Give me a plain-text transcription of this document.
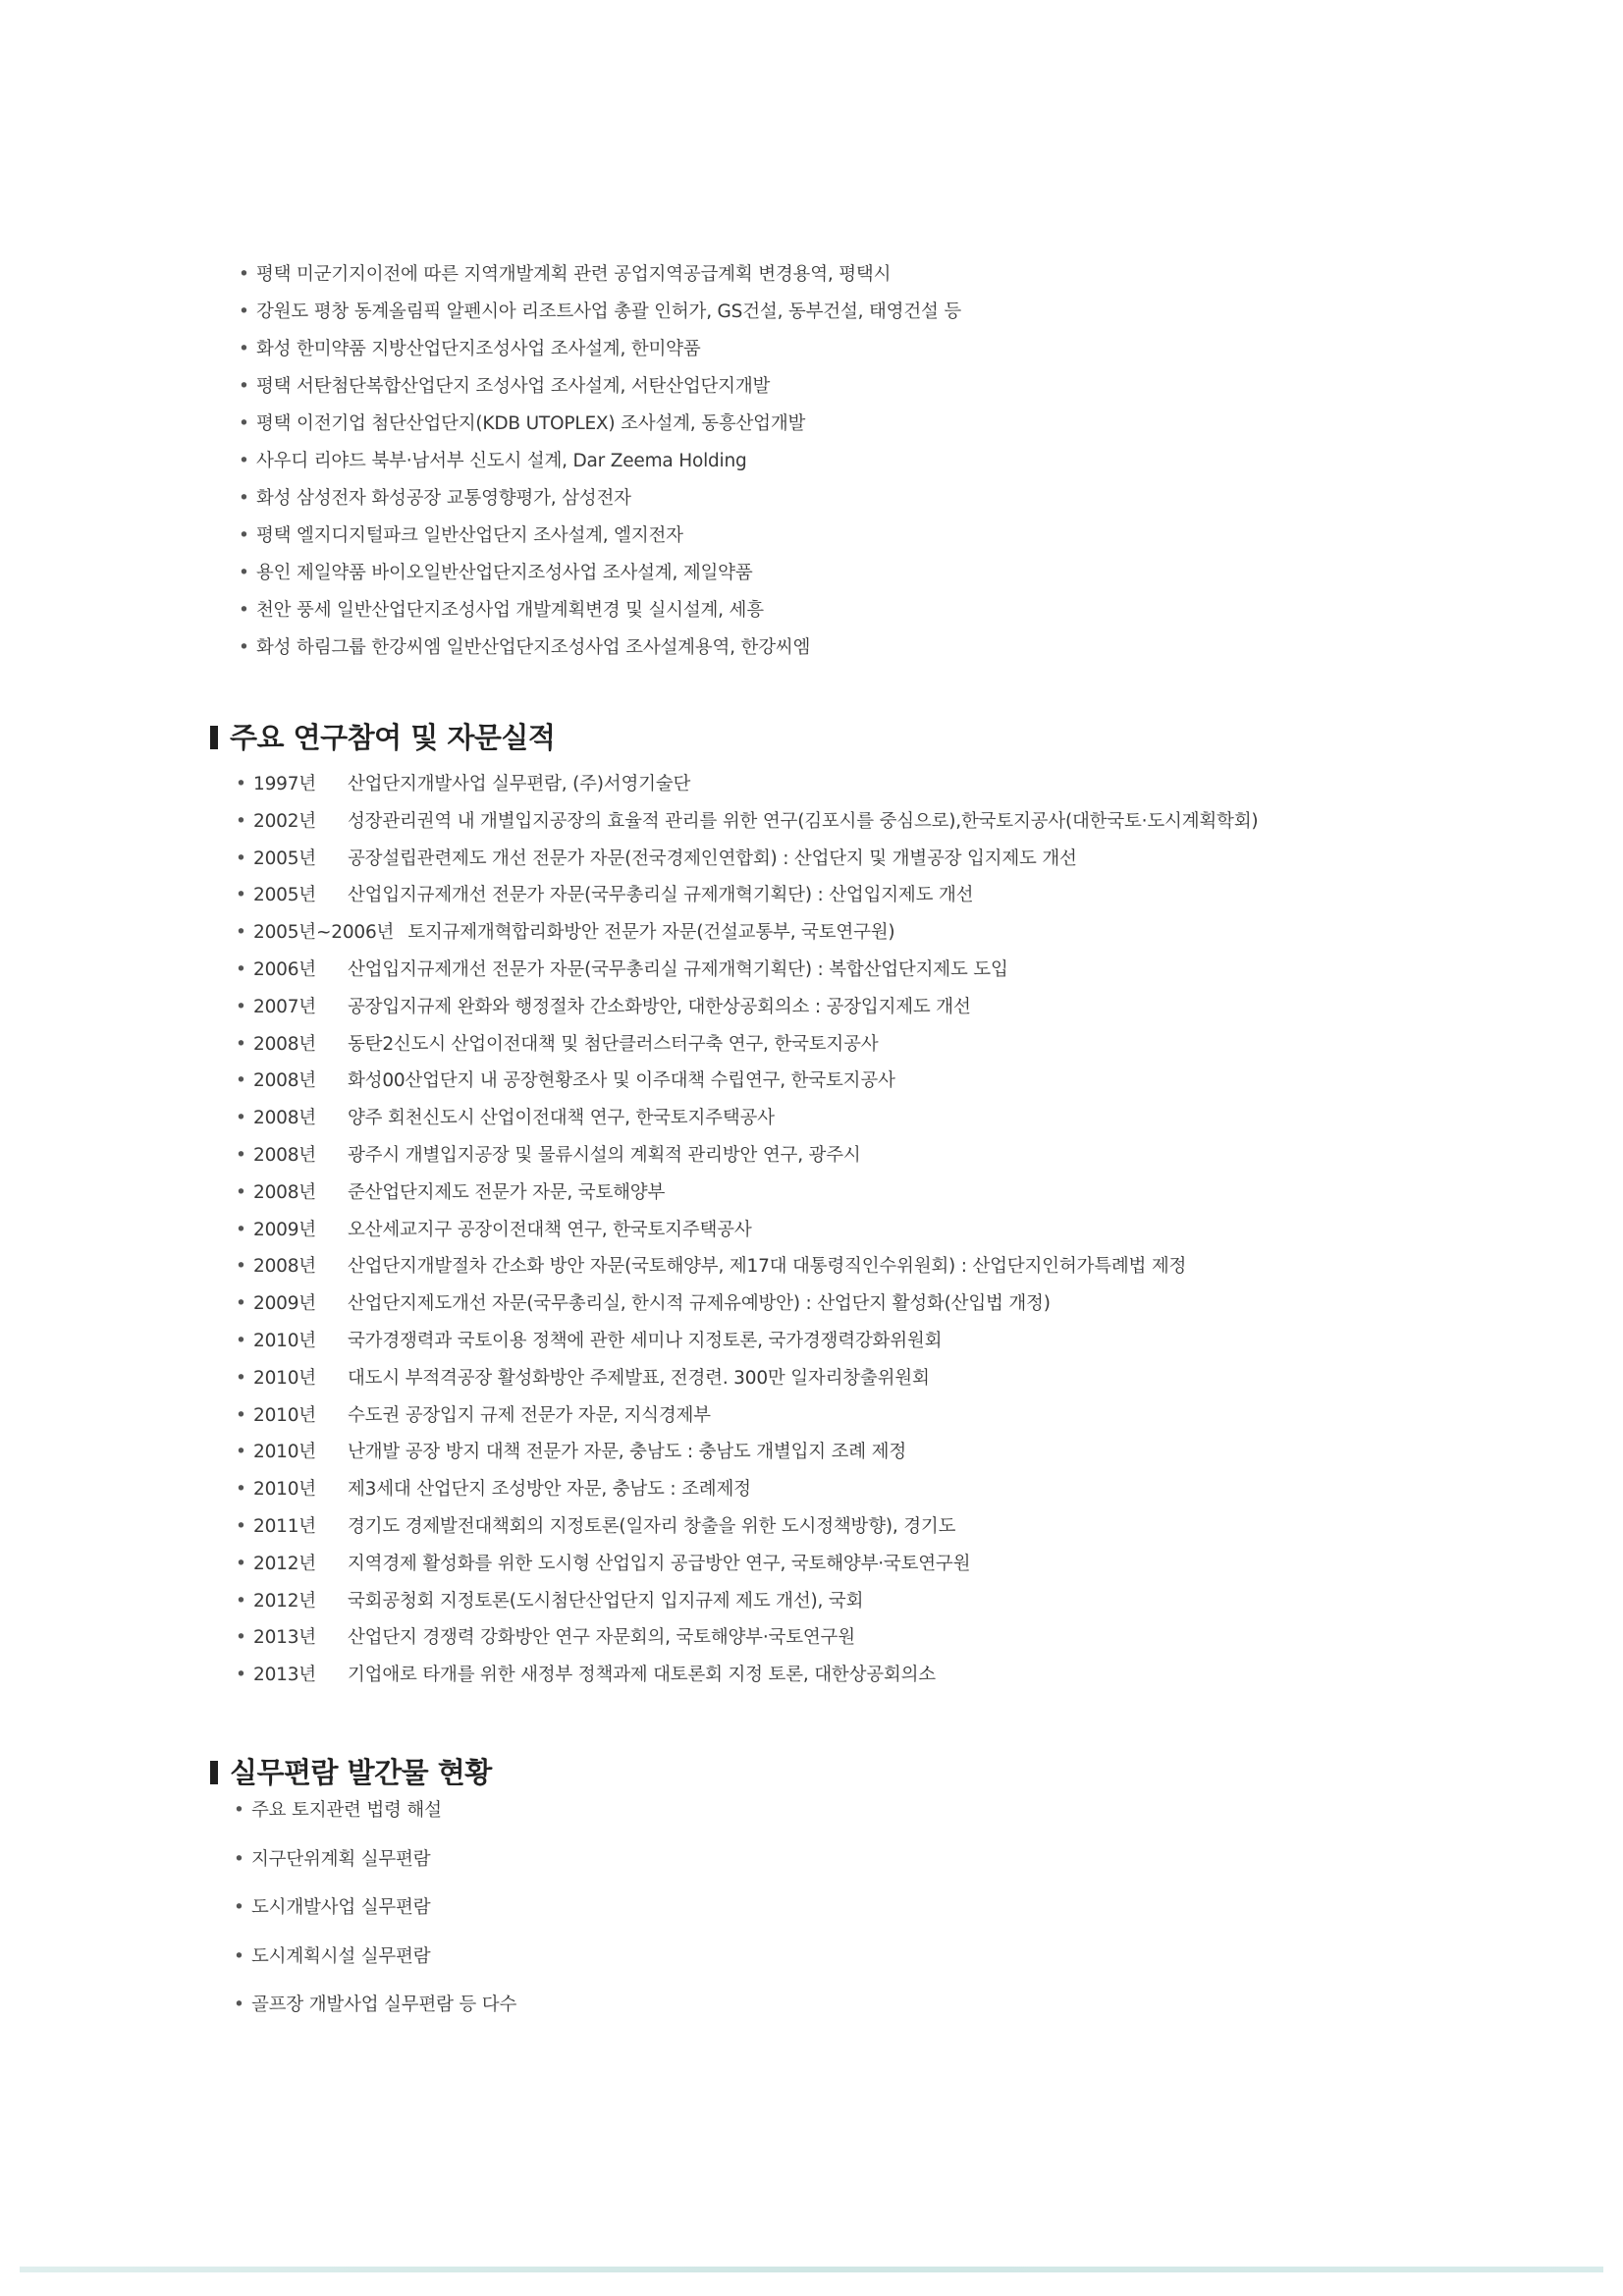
• 평택 미군기지이전에 따른 지역개발계획 관련 공업지역공급계획 변경용역, 평택시
• 강원도 평창 동계올림픽 알펜시아 리조트사업 총괄 인허가, GS건설, 동부건설, 태영건설 등
• 화성 한미약품 지방산업단지조성사업 조사설계, 한미약품
• 평택 서탄첨단복합산업단지 조성사업 조사설계, 서탄산업단지개발
• 평택 이전기업 첨단산업단지(KDB UTOPLEX) 조사설계, 동흥산업개발
• 사우디 리야드 북부·남서부 신도시 설계, Dar Zeema Holding
• 화성 삼성전자 화성공장 교통영향평가, 삼성전자
• 평택 엘지디지털파크 일반산업단지 조사설계, 엘지전자
• 용인 제일약품 바이오일반산업단지조성사업 조사설계, 제일약품
• 천안 풍세 일반산업단지조성사업 개발계획변경 및 실시설계, 세흥
• 화성 하림그룹 한강씨엠 일반산업단지조성사업 조사설계용역, 한강씨엠
주요 연구참여 및 자문실적
• 1997년 산업단지개발사업 실무편람, (주)서영기술단
• 2002년 성장관리권역 내 개별입지공장의 효율적 관리를 위한 연구(김포시를 중심으로),한국토지공사(대한국토·도시계획학회)
• 2005년 공장설립관련제도 개선 전문가 자문(전국경제인연합회) : 산업단지 및 개별공장 입지제도 개선
• 2005년 산업입지규제개선 전문가 자문(국무총리실 규제개혁기획단) : 산업입지제도 개선
• 2005년~2006년 토지규제개혁합리화방안 전문가 자문(건설교통부, 국토연구원)
• 2006년 산업입지규제개선 전문가 자문(국무총리실 규제개혁기획단) : 복합산업단지제도 도입
• 2007년 공장입지규제 완화와 행정절차 간소화방안, 대한상공회의소 : 공장입지제도 개선
• 2008년 동탄2신도시 산업이전대책 및 첨단클러스터구축 연구, 한국토지공사
• 2008년 화성00산업단지 내 공장현황조사 및 이주대책 수립연구, 한국토지공사
• 2008년 양주 회천신도시 산업이전대책 연구, 한국토지주택공사
• 2008년 광주시 개별입지공장 및 물류시설의 계획적 관리방안 연구, 광주시
• 2008년 준산업단지제도 전문가 자문, 국토해양부
• 2009년 오산세교지구 공장이전대책 연구, 한국토지주택공사
• 2008년 산업단지개발절차 간소화 방안 자문(국토해양부, 제17대 대통령직인수위원회) : 산업단지인허가특례법 제정
• 2009년 산업단지제도개선 자문(국무총리실, 한시적 규제유예방안) : 산업단지 활성화(산입법 개정)
• 2010년 국가경쟁력과 국토이용 정책에 관한 세미나 지정토론, 국가경쟁력강화위원회
• 2010년 대도시 부적격공장 활성화방안 주제발표, 전경련. 300만 일자리창출위원회
• 2010년 수도권 공장입지 규제 전문가 자문, 지식경제부
• 2010년 난개발 공장 방지 대책 전문가 자문, 충남도 : 충남도 개별입지 조례 제정
• 2010년 제3세대 산업단지 조성방안 자문, 충남도 : 조례제정
• 2011년 경기도 경제발전대책회의 지정토론(일자리 창출을 위한 도시정책방향), 경기도
• 2012년 지역경제 활성화를 위한 도시형 산업입지 공급방안 연구, 국토해양부·국토연구원
• 2012년 국회공청회 지정토론(도시첨단산업단지 입지규제 제도 개선), 국회
• 2013년 산업단지 경쟁력 강화방안 연구 자문회의, 국토해양부·국토연구원
• 2013년 기업애로 타개를 위한 새정부 정책과제 대토론회 지정 토론, 대한상공회의소
실무편람 발간물 현황
• 주요 토지관련 법령 해설
• 지구단위계획 실무편람
• 도시개발사업 실무편람
• 도시계획시설 실무편람
• 골프장 개발사업 실무편람 등 다수
